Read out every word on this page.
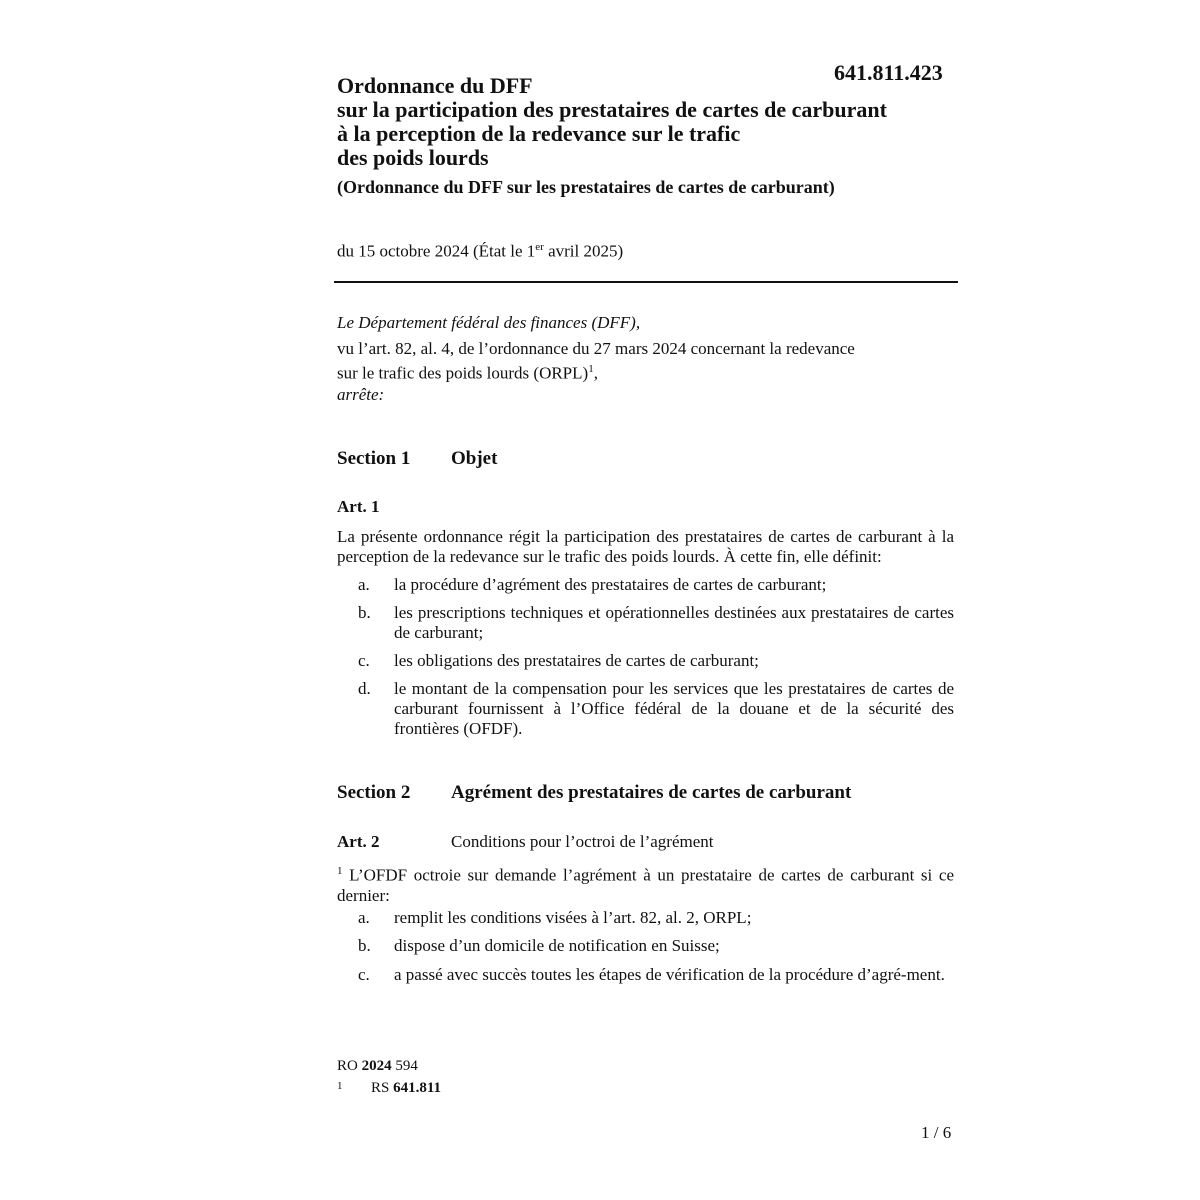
641.811.423
Ordonnance du DFF
sur la participation des prestataires de cartes de carburant
à la perception de la redevance sur le trafic
des poids lourds
(Ordonnance du DFF sur les prestataires de cartes de carburant)
du 15 octobre 2024 (État le 1er avril 2025)
Le Département fédéral des finances (DFF),
vu l’art. 82, al. 4, de l’ordonnance du 27 mars 2024 concernant la redevance
sur le trafic des poids lourds (ORPL)$^1$,
arrête:
Section 1 Objet
Art. 1
La présente ordonnance régit la participation des prestataires de cartes de carburant à la perception de la redevance sur le trafic des poids lourds. À cette fin, elle définit:
a. la procédure d’agrément des prestataires de cartes de carburant;
b. les prescriptions techniques et opérationnelles destinées aux prestataires de cartes de carburant;
c. les obligations des prestataires de cartes de carburant;
d. le montant de la compensation pour les services que les prestataires de cartes de carburant fournissent à l’Office fédéral de la douane et de la sécurité des frontières (OFDF).
Section 2 Agrément des prestataires de cartes de carburant
Art. 2	Conditions pour l’octroi de l’agrément
$^1$ L’OFDF octroie sur demande l’agrément à un prestataire de cartes de carburant si ce dernier:
a. remplit les conditions visées à l’art. 82, al. 2, ORPL;
b. dispose d’un domicile de notification en Suisse;
c. a passé avec succès toutes les étapes de vérification de la procédure d’agré-ment.
RO 2024 594
1 RS 641.811
1 / 6
